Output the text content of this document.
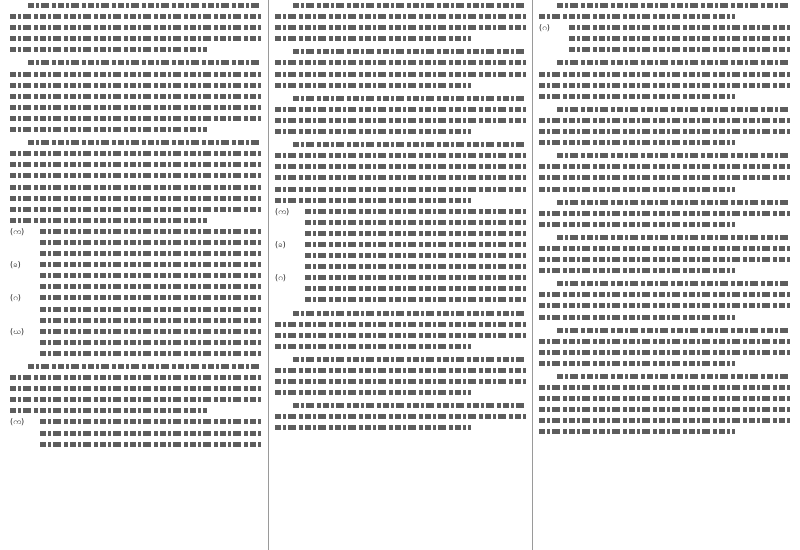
(က)
(ခ)
(ဂ)
(ဃ)
(က)
(က)
(ခ)
(ဂ)
(ဂ)
